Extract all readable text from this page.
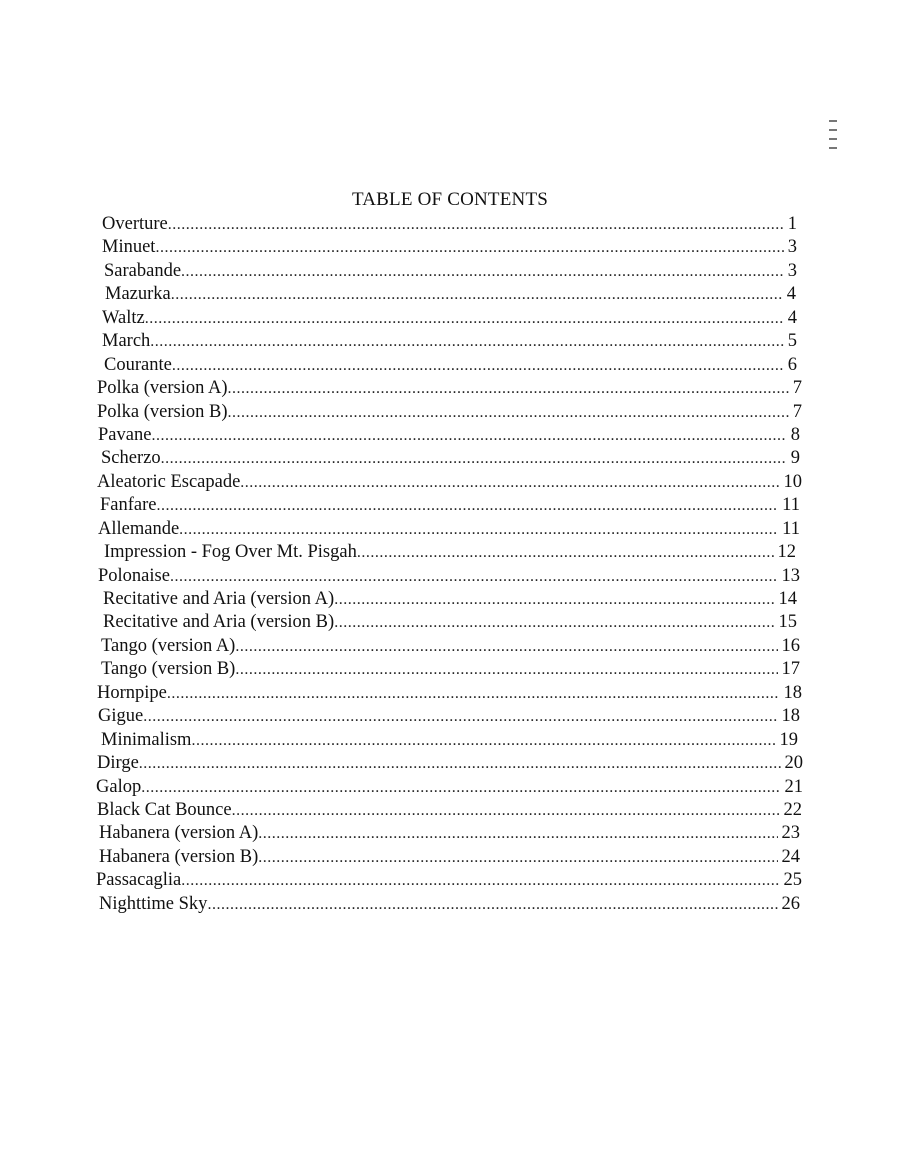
TABLE OF CONTENTS
Overture .....	1
Minuet .....	3
Sarabande .....	3
Mazurka .....	4
Waltz .....	4
March .....	5
Courante .....	6
Polka (version A) .....	7
Polka (version B) .....	7
Pavane .....	8
Scherzo .....	9
Aleatoric Escapade .....	10
Fanfare .....	11
Allemande .....	11
Impression - Fog Over Mt. Pisgah .....	12
Polonaise .....	13
Recitative and Aria (version A) .....	14
Recitative and Aria (version B) .....	15
Tango (version A) .....	16
Tango (version B) .....	17
Hornpipe .....	18
Gigue .....	18
Minimalism .....	19
Dirge .....	20
Galop .....	21
Black Cat Bounce .....	22
Habanera (version A) .....	23
Habanera (version B) .....	24
Passacaglia .....	25
Nighttime Sky .....	26
